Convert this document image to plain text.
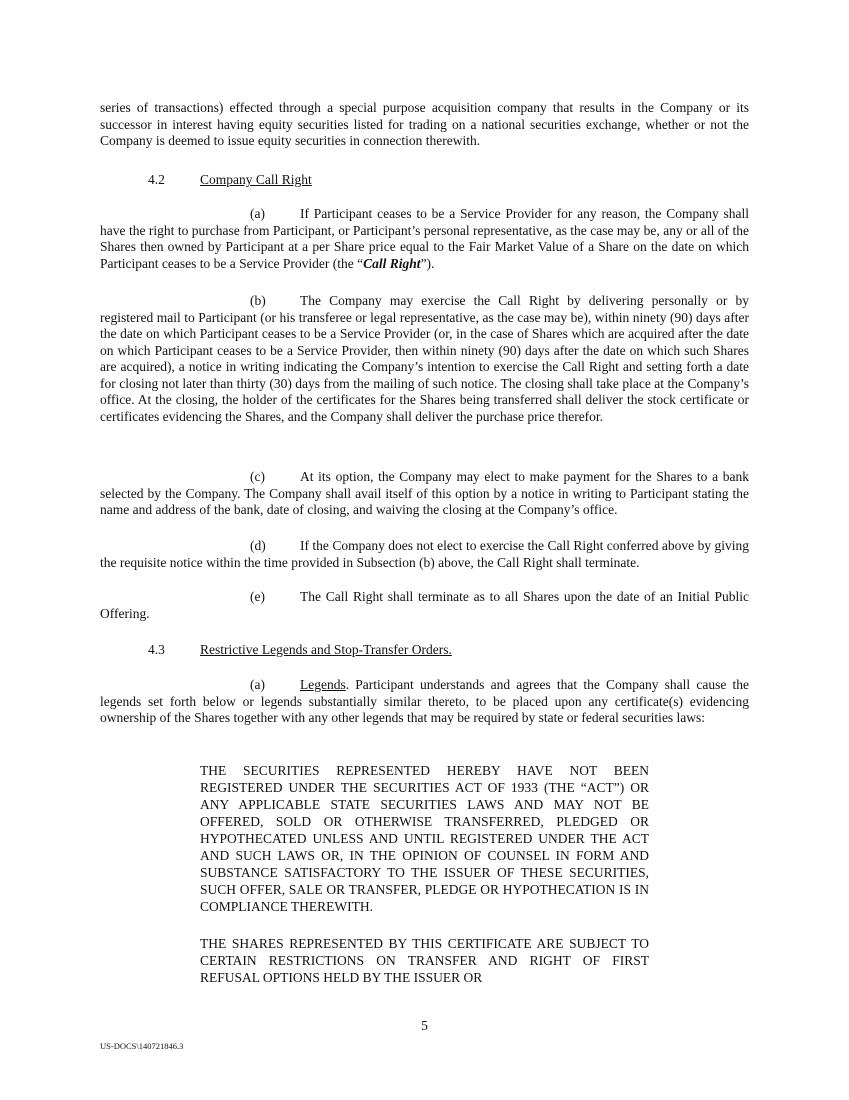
series of transactions) effected through a special purpose acquisition company that results in the Company or its successor in interest having equity securities listed for trading on a national securities exchange, whether or not the Company is deemed to issue equity securities in connection therewith.

4.2	Company Call Right

(a)	If Participant ceases to be a Service Provider for any reason, the Company shall have the right to purchase from Participant, or Participant’s personal representative, as the case may be, any or all of the Shares then owned by Participant at a per Share price equal to the Fair Market Value of a Share on the date on which Participant ceases to be a Service Provider (the “Call Right”).

(b)	The Company may exercise the Call Right by delivering personally or by registered mail to Participant (or his transferee or legal representative, as the case may be), within ninety (90) days after the date on which Participant ceases to be a Service Provider (or, in the case of Shares which are acquired after the date on which Participant ceases to be a Service Provider, then within ninety (90) days after the date on which such Shares are acquired), a notice in writing indicating the Company’s intention to exercise the Call Right and setting forth a date for closing not later than thirty (30) days from the mailing of such notice. The closing shall take place at the Company’s office. At the closing, the holder of the certificates for the Shares being transferred shall deliver the stock certificate or certificates evidencing the Shares, and the Company shall deliver the purchase price therefor.

(c)	At its option, the Company may elect to make payment for the Shares to a bank selected by the Company. The Company shall avail itself of this option by a notice in writing to Participant stating the name and address of the bank, date of closing, and waiving the closing at the Company’s office.

(d)	If the Company does not elect to exercise the Call Right conferred above by giving the requisite notice within the time provided in Subsection (b) above, the Call Right shall terminate.

(e)	The Call Right shall terminate as to all Shares upon the date of an Initial Public Offering.

4.3	Restrictive Legends and Stop-Transfer Orders.

(a)	Legends. Participant understands and agrees that the Company shall cause the legends set forth below or legends substantially similar thereto, to be placed upon any certificate(s) evidencing ownership of the Shares together with any other legends that may be required by state or federal securities laws:

THE SECURITIES REPRESENTED HEREBY HAVE NOT BEEN REGISTERED UNDER THE SECURITIES ACT OF 1933 (THE “ACT”) OR ANY APPLICABLE STATE SECURITIES LAWS AND MAY NOT BE OFFERED, SOLD OR OTHERWISE TRANSFERRED, PLEDGED OR HYPOTHECATED UNLESS AND UNTIL REGISTERED UNDER THE ACT AND SUCH LAWS OR, IN THE OPINION OF COUNSEL IN FORM AND SUBSTANCE SATISFACTORY TO THE ISSUER OF THESE SECURITIES, SUCH OFFER, SALE OR TRANSFER, PLEDGE OR HYPOTHECATION IS IN COMPLIANCE THEREWITH.

THE SHARES REPRESENTED BY THIS CERTIFICATE ARE SUBJECT TO CERTAIN RESTRICTIONS ON TRANSFER AND RIGHT OF FIRST REFUSAL OPTIONS HELD BY THE ISSUER OR

5

US-DOCS\140721846.3
